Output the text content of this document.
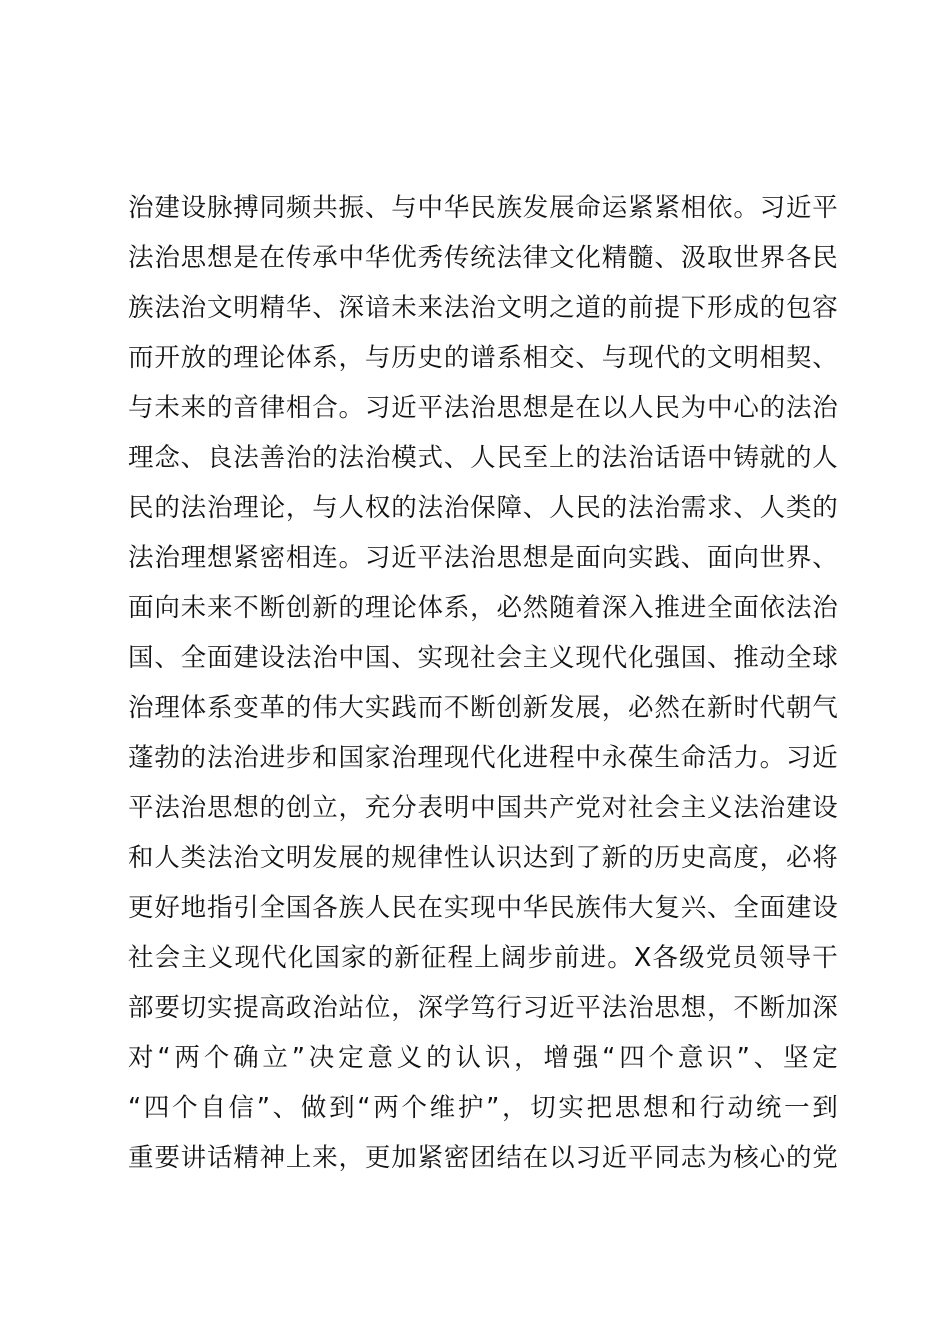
治建设脉搏同频共振、与中华民族发展命运紧紧相依。习近平
法治思想是在传承中华优秀传统法律文化精髓、汲取世界各民
族法治文明精华、深谙未来法治文明之道的前提下形成的包容
而开放的理论体系，与历史的谱系相交、与现代的文明相契、
与未来的音律相合。习近平法治思想是在以人民为中心的法治
理念、良法善治的法治模式、人民至上的法治话语中铸就的人
民的法治理论，与人权的法治保障、人民的法治需求、人类的
法治理想紧密相连。习近平法治思想是面向实践、面向世界、
面向未来不断创新的理论体系，必然随着深入推进全面依法治
国、全面建设法治中国、实现社会主义现代化强国、推动全球
治理体系变革的伟大实践而不断创新发展，必然在新时代朝气
蓬勃的法治进步和国家治理现代化进程中永葆生命活力。习近
平法治思想的创立，充分表明中国共产党对社会主义法治建设
和人类法治文明发展的规律性认识达到了新的历史高度，必将
更好地指引全国各族人民在实现中华民族伟大复兴、全面建设
社会主义现代化国家的新征程上阔步前进。X各级党员领导干
部要切实提高政治站位，深学笃行习近平法治思想，不断加深
对“两个确立”决定意义的认识，增强“四个意识”、坚定
“四个自信”、做到“两个维护”，切实把思想和行动统一到
重要讲话精神上来，更加紧密团结在以习近平同志为核心的党
